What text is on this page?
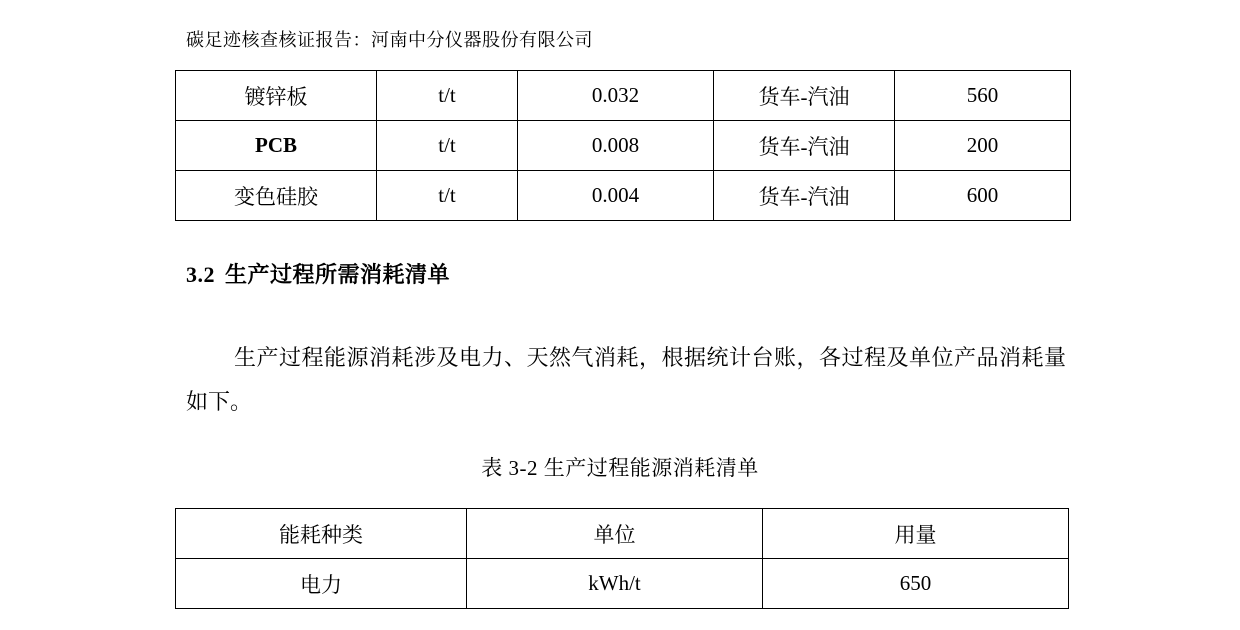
碳足迹核查核证报告：河南中分仪器股份有限公司
镀锌板	t/t	0.032	货车-汽油	560
PCB	t/t	0.008	货车-汽油	200
变色硅胶	t/t	0.004	货车-汽油	600
3.2 生产过程所需消耗清单
生产过程能源消耗涉及电力、天然气消耗，根据统计台账，各过程及单位产品消耗量如下。
表 3-2 生产过程能源消耗清单
能耗种类	单位	用量
电力	kWh/t	650
